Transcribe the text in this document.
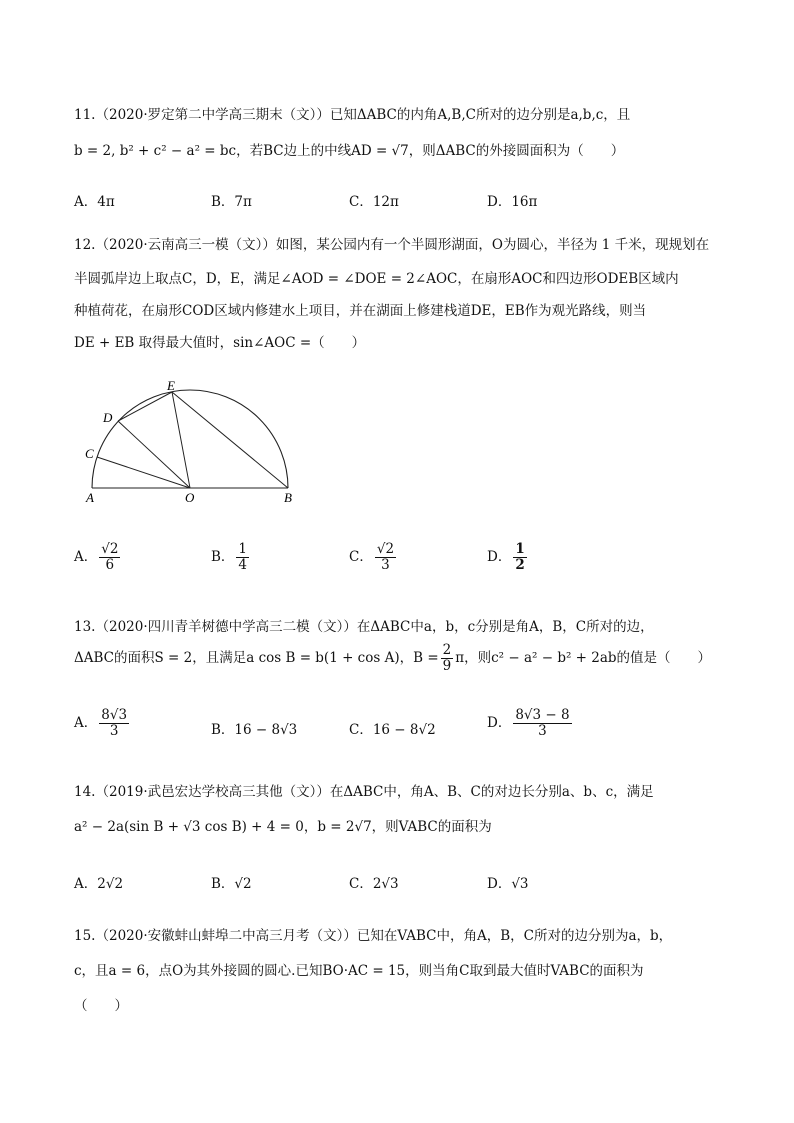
11.（2020·罗定第二中学高三期末（文））已知ΔABC的内角A,B,C所对的边分别是a,b,c，且
b = 2, b² + c² − a² = bc，若BC边上的中线AD = √7，则ΔABC的外接圆面积为（　　）
A．4π	B．7π	C．12π	D．16π
12.（2020·云南高三一模（文））如图，某公园内有一个半圆形湖面，O为圆心，半径为 1 千米，现规划在
半圆弧岸边上取点C，D，E，满足∠AOD = ∠DOE = 2∠AOC，在扇形AOC和四边形ODEB区域内
种植荷花，在扇形COD区域内修建水上项目，并在湖面上修建栈道DE，EB作为观光路线，则当
DE + EB 取得最大值时，sin∠AOC =（　　）
A	O	B
C
D
E
A． $\frac{√2}{6}$	B． $\frac{1}{4}$	C． $\frac{√2}{3}$	D． $\frac{1}{2}$
13.（2020·四川青羊树德中学高三二模（文））在ΔABC中a，b，c分别是角A，B，C所对的边，
ΔABC的面积S = 2，且满足a cos B = b(1 + cos A)，$B = \frac{2}{9}$ π，则c² − a² − b² + 2ab的值是（　　）
A． $\frac{8√3}{3}$	B．16 − 8√3	C．16 − 8√2	D． $\frac{8√3 - 8}{3}$
14.（2019·武邑宏达学校高三其他（文））在ΔABC中，角A、B、C的对边长分别a、b、c，满足
a² − 2a(sin B + √3 cos B) + 4 = 0，b = 2√7，则VABC的面积为
A．2√2	B．√2	C．2√3	D．√3
15.（2020·安徽蚌山蚌埠二中高三月考（文））已知在VABC中，角A，B，C所对的边分别为a，b，
c，且a = 6，点O为其外接圆的圆心.已知BO·AC = 15，则当角C取到最大值时VABC的面积为
（　　）
